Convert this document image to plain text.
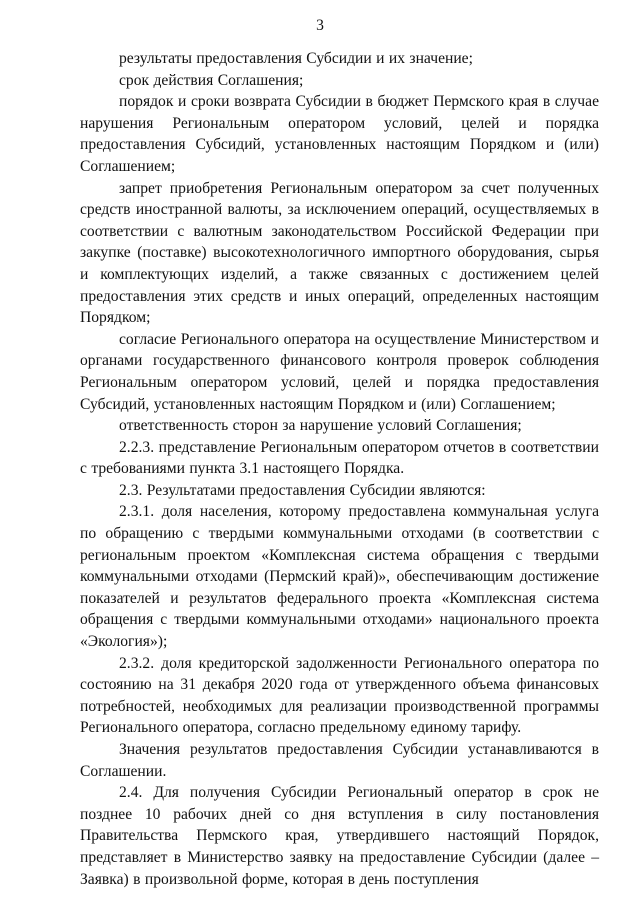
3

результаты предоставления Субсидии и их значение;

срок действия Соглашения;

порядок и сроки возврата Субсидии в бюджет Пермского края в случае нарушения Региональным оператором условий, целей и порядка предоставления Субсидий, установленных настоящим Порядком и (или) Соглашением;

запрет приобретения Региональным оператором за счет полученных средств иностранной валюты, за исключением операций, осуществляемых в соответствии с валютным законодательством Российской Федерации при закупке (поставке) высокотехнологичного импортного оборудования, сырья и комплектующих изделий, а также связанных с достижением целей предоставления этих средств и иных операций, определенных настоящим Порядком;

согласие Регионального оператора на осуществление Министерством и органами государственного финансового контроля проверок соблюдения Региональным оператором условий, целей и порядка предоставления Субсидий, установленных настоящим Порядком и (или) Соглашением;

ответственность сторон за нарушение условий Соглашения;

2.2.3. представление Региональным оператором отчетов в соответствии с требованиями пункта 3.1 настоящего Порядка.

2.3. Результатами предоставления Субсидии являются:

2.3.1. доля населения, которому предоставлена коммунальная услуга по обращению с твердыми коммунальными отходами (в соответствии с региональным проектом «Комплексная система обращения с твердыми коммунальными отходами (Пермский край)», обеспечивающим достижение показателей и результатов федерального проекта «Комплексная система обращения с твердыми коммунальными отходами» национального проекта «Экология»);

2.3.2. доля кредиторской задолженности Регионального оператора по состоянию на 31 декабря 2020 года от утвержденного объема финансовых потребностей, необходимых для реализации производственной программы Регионального оператора, согласно предельному единому тарифу.

Значения результатов предоставления Субсидии устанавливаются в Соглашении.

2.4. Для получения Субсидии Региональный оператор в срок не позднее 10 рабочих дней со дня вступления в силу постановления Правительства Пермского края, утвердившего настоящий Порядок, представляет в Министерство заявку на предоставление Субсидии (далее – Заявка) в произвольной форме, которая в день поступления
